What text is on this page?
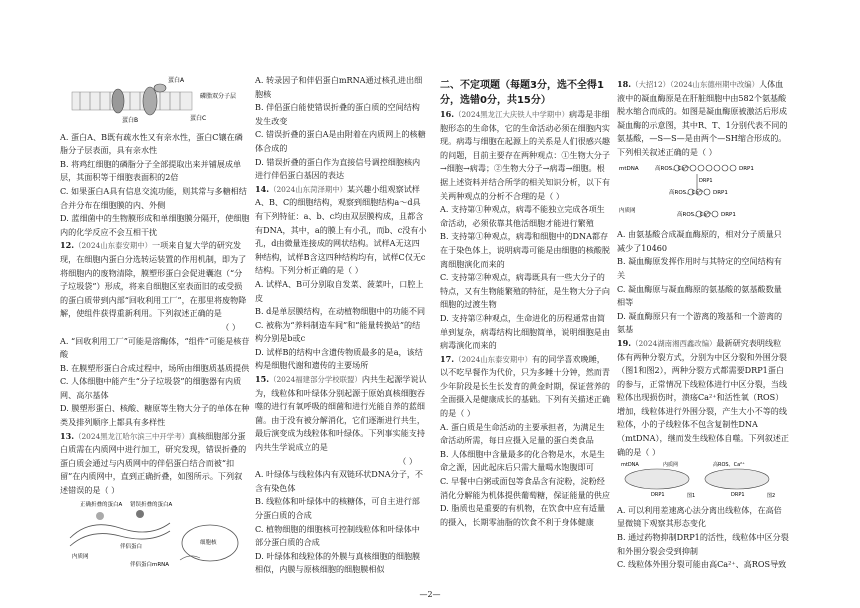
蛋白A
磷脂双分子层
蛋白C
蛋白B

A. 蛋白A、B既有疏水性又有亲水性，蛋白C镶在磷脂分子层表面，具有亲水性

B. 将鸡红细胞的磷脂分子全部提取出来并铺展成单层，其面积等于细胞表面积的2倍

C. 如果蛋白A具有信息交流功能，则其常与多糖相结合并分布在细胞膜的内、外侧

D. 蓝细菌中的生物膜形成和单细胞膜分隔开，使细胞内的化学反应不会互相干扰

12.（2024山东泰安期中）一项来自复大学的研究发现，在细胞内蛋白分选转运装置的作用机制，即为了将细胞内的废物清除，膜塑形蛋白会促进囊泡（“分子垃圾袋”）形成，将来自细胞区室表面旧的或受损的蛋白质带到内部“回收利用工厂”，在那里将废物降解，使组件获得重新利用。下列叙述正确的是
（ ）

A. “回收利用工厂”可能是溶酶体，“组件”可能是核苷酸

B. 在膜塑形蛋白合成过程中，场所由细胞质基质提供

C. 人体细胞中能产生“分子垃圾袋”的细胞器有内质网、高尔基体

D. 膜塑形蛋白、核酸、糖原等生物大分子的单体在种类及排列顺序上都具有多样性

13.（2024黑龙江哈尔滨三中开学考）真核细胞部分蛋白质需在内质网中进行加工，研究发现，错误折叠的蛋白质会通过与内质网中的伴侣蛋白结合而被“扣留”在内质网中，直到正确折叠，如图所示。下列叙述错误的是（ ）

正确折叠的蛋白A 错误折叠的蛋白A
伴侣蛋白
内质网
细胞核
伴侣蛋白mRNA

A. 转录因子和伴侣蛋白mRNA通过核孔进出细胞核

B. 伴侣蛋白能使错误折叠的蛋白质的空间结构发生改变

C. 错误折叠的蛋白A是由附着在内质网上的核糖体合成的

D. 错误折叠的蛋白作为直接信号调控细胞核内进行伴侣蛋白基因的表达

14.（2024山东菏泽期中）某兴趣小组观察试样A、B、C的细胞结构，观察到细胞结构a～d具有下列特征：a、b、c均由双层膜构成，且都含有DNA，其中，a的膜上有小孔，而b、c没有小孔，d由微量连接成的网状结构。试样A无这四种结构，试样B含这四种结构均有，试样C仅无c结构。下列分析正确的是（ ）

A. 试样A、B可分别取自发菜、菠菜叶，口腔上皮

B. d是单层膜结构，在动植物细胞中的功能不同

C. 被称为“养料制造车间”和“能量转换站”的结构分别是b或c

D. 试样B的结构中含遗传物质最多的是a，该结构是细胞代谢和遗传的主要场所

15.（2024福建部分学校联盟）内共生起源学说认为，线粒体和叶绿体分别起源于原始真核细胞吞噬的进行有氧呼吸的细菌和进行光能自养的蓝细菌。由于没有被分解消化，它们逐渐进行共生，最后演变成为线粒体和叶绿体。下列事实能支持内共生学说成立的是
（ ）

A. 叶绿体与线粒体内有双链环状DNA分子，不含有染色体

B. 线粒体和叶绿体中的核糖体，可自主进行部分蛋白质的合成

C. 植物细胞的细胞核可控制线粒体和叶绿体中部分蛋白质的合成

D. 叶绿体和线粒体的外膜与真核细胞的细胞膜相似，内膜与原核细胞的细胞膜相似

二、不定项题（每题3分，选不全得1分，选错0分，共15分）

16.（2024黑龙江大庆铁人中学期中）病毒是非细胞形态的生命体，它的生命活动必须在细胞内实现。病毒与细胞在起源上的关系是人们很感兴趣的问题，目前主要存在两种观点：①生物大分子→细胞→病毒；②生物大分子→病毒→细胞。根据上述资料并结合所学的相关知识分析，以下有关两种观点的分析不合理的是（ ）

A. 支持第①种观点，病毒不能独立完成各项生命活动，必须依靠其他活细胞才能进行繁殖

B. 支持第①种观点，病毒和细胞中的DNA都存在于染色体上，说明病毒可能是由细胞的核酸脱离细胞演化而来的

C. 支持第②种观点，病毒既具有一些大分子的特点，又有生物能繁殖的特征，是生物大分子向细胞的过渡生物

D. 支持第②种观点，生命进化的历程通常由简单到复杂，病毒结构比细胞简单，说明细胞是由病毒演化而来的

17.（2024山东泰安期中）有的同学喜欢晚睡，以不吃早餐作为代价，只为多睡十分钟，然而青少年阶段是长生长发育的黄金时期，保证营养的全面摄入是健康成长的基础。下列有关描述正确的是（ ）

A. 蛋白质是生命活动的主要承担者，为满足生命活动所需，每日应摄入足量的蛋白类食品

B. 人体细胞中含量最多的化合物是水，水是生命之源，因此起床后只需大量喝水饱腹即可

C. 早餐中白粥或面包等食品含有淀粉，淀粉经消化分解能为机体提供葡萄糖，保证能量的供应

D. 脂质也是重要的有机物，在饮食中应有适量的摄入，长期零油脂的饮食不利于身体健康

18.（大招12）（2024山东德州期中改编）人体血液中的凝血酶原是在肝脏细胞中由582个氨基酸脱水缩合而成的。如图是凝血酶原被激活后形成凝血酶的示意图，其中R、T、1分别代表不同的氨基酸，—S—S—是由两个—SH缩合形成的。下列相关叙述正确的是（ ）

mtDNA	高ROS、Ca²⁺	DRP1
DRP1
高ROS、Ca²⁺ DRP1
内质网
高ROS、Ca²⁺ DRP1

A. 由氨基酸合成凝血酶原的，相对分子质量只减少了10460

B. 凝血酶原发挥作用时与其特定的空间结构有关

C. 凝血酶原与凝血酶原的氨基酸的氨基酸数量相等

D. 凝血酶原只有一个游离的羧基和一个游离的氨基

19.（2024湖南湘西鑫改编）最新研究表明线粒体有两种分裂方式，分别为中区分裂和外围分裂（图1和图2），两种分裂方式都需要DRP1蛋白的参与，正常情况下线粒体进行中区分裂，当线粒体出现损伤时，溃疡Ca²⁺和活性氧（ROS）增加，线粒体进行外围分裂，产生大小不等的线粒体，小的子线粒体不包含复制性DNA（mtDNA），继而发生线粒体自噬。下列叙述正确的是（ ）

mtDNA	内质网	高ROS、Ca²⁺
DRP1	DRP1
图1	图2

A. 可以利用差速离心法分离出线粒体，在高倍显微镜下观察其形态变化

B. 通过药物抑制DRP1的活性，线粒体中区分裂和外围分裂会受到抑制

C. 线粒体外围分裂可能由高Ca²⁺、高ROS导致

—2—
